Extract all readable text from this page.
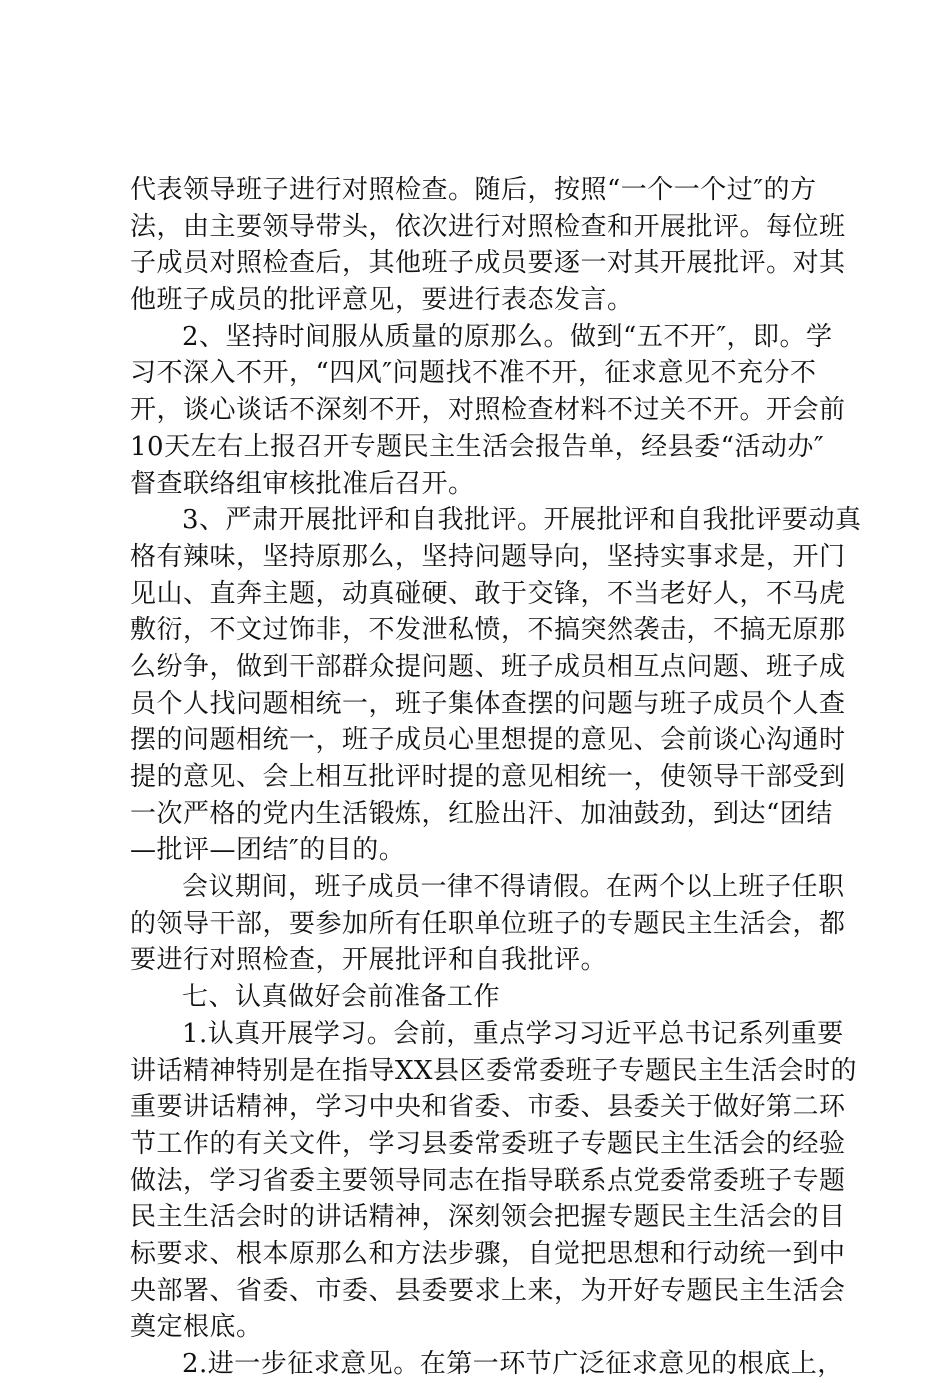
代表领导班子进行对照检查。随后，按照“一个一个过″的方
法，由主要领导带头，依次进行对照检查和开展批评。每位班
子成员对照检查后，其他班子成员要逐一对其开展批评。对其
他班子成员的批评意见，要进行表态发言。
2、坚持时间服从质量的原那么。做到“五不开″，即。学
习不深入不开，“四风″问题找不准不开，征求意见不充分不
开，谈心谈话不深刻不开，对照检查材料不过关不开。开会前
10天左右上报召开专题民主生活会报告单，经县委“活动办″
督查联络组审核批准后召开。
3、严肃开展批评和自我批评。开展批评和自我批评要动真
格有辣味，坚持原那么，坚持问题导向，坚持实事求是，开门
见山、直奔主题，动真碰硬、敢于交锋，不当老好人，不马虎
敷衍，不文过饰非，不发泄私愤，不搞突然袭击，不搞无原那
么纷争，做到干部群众提问题、班子成员相互点问题、班子成
员个人找问题相统一，班子集体查摆的问题与班子成员个人查
摆的问题相统一，班子成员心里想提的意见、会前谈心沟通时
提的意见、会上相互批评时提的意见相统一，使领导干部受到
一次严格的党内生活锻炼，红脸出汗、加油鼓劲，到达“团结
—批评—团结″的目的。
会议期间，班子成员一律不得请假。在两个以上班子任职
的领导干部，要参加所有任职单位班子的专题民主生活会，都
要进行对照检查，开展批评和自我批评。
七、认真做好会前准备工作
1.认真开展学习。会前，重点学习习近平总书记系列重要
讲话精神特别是在指导XX县区委常委班子专题民主生活会时的
重要讲话精神，学习中央和省委、市委、县委关于做好第二环
节工作的有关文件，学习县委常委班子专题民主生活会的经验
做法，学习省委主要领导同志在指导联系点党委常委班子专题
民主生活会时的讲话精神，深刻领会把握专题民主生活会的目
标要求、根本原那么和方法步骤，自觉把思想和行动统一到中
央部署、省委、市委、县委要求上来，为开好专题民主生活会
奠定根底。
2.进一步征求意见。在第一环节广泛征求意见的根底上，
